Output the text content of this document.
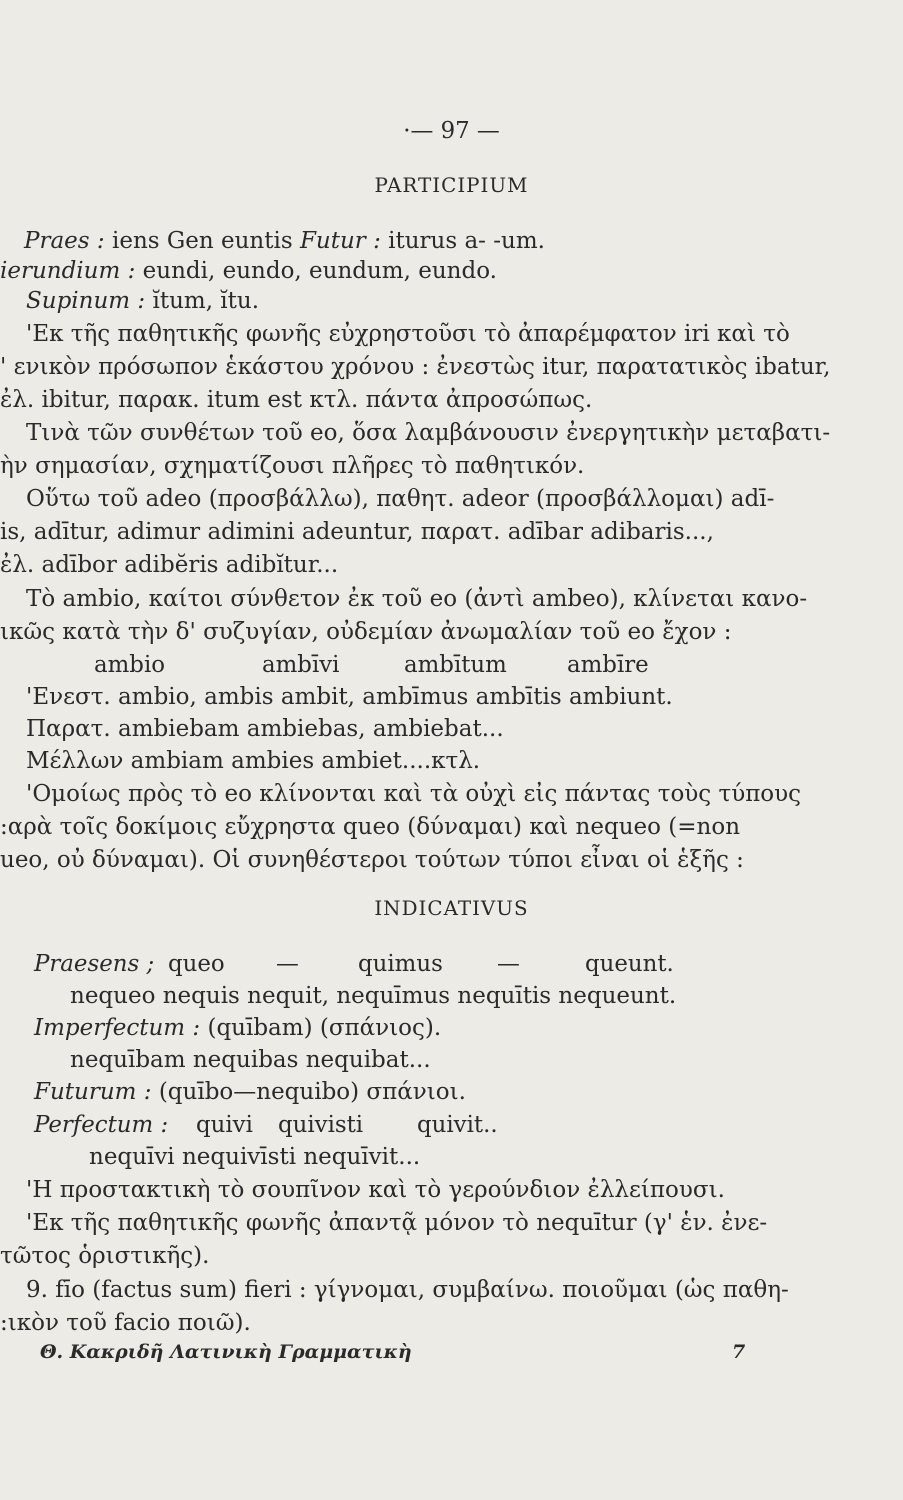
·— 97 —
PARTICIPIUM
Praes : iens Gen euntis Futur : iturus a- -um.
ierundium : eundi, eundo, eundum, eundo.
Supinum : ĭtum, ĭtu.
'Εκ τῆς παθητικῆς φωνῆς εὐχρηστοῦσι τὸ ἀπαρέμφατον iri καὶ τὸ
' ενικὸν πρόσωπον ἑκάστου χρόνου : ἐνεστὼς itur, παρατατικὸς ibatur,
ἐλ. ibitur, παρακ. itum est κτλ. πάντα ἀπροσώπως.
Τινὰ τῶν συνθέτων τοῦ eo, ὅσα λαμβάνουσιν ἐνεργητικὴν μεταβατι-
ὴν σημασίαν, σχηματίζουσι πλῆρες τὸ παθητικόν.
Οὕτω τοῦ adeo (προσβάλλω), παθητ. adeor (προσβάλλομαι) adī-
is, adītur, adimur adimini adeuntur, παρατ. adībar adibaris...,
ἐλ. adībor adibĕris adibĭtur...
Τὸ ambio, καίτοι σύνθετον ἐκ τοῦ eo (ἀντὶ ambeo), κλίνεται κανο-
ικῶς κατὰ τὴν δ' συζυγίαν, οὐδεμίαν ἀνωμαλίαν τοῦ eo ἔχον :
ambio	ambīvi	ambītum	ambīre
'Ενεστ. ambio, ambis ambit, ambīmus ambītis ambiunt.
Παρατ. ambiebam ambiebas, ambiebat...
Μέλλων ambiam ambies ambiet....κτλ.
'Ομοίως πρὸς τὸ eo κλίνονται καὶ τὰ οὐχὶ εἰς πάντας τοὺς τύπους
:αρὰ τοῖς δοκίμοις εὔχρηστα queo (δύναμαι) καὶ nequeo (=non
ueo, οὐ δύναμαι). Οἱ συνηθέστεροι τούτων τύποι εἶναι οἱ ἑξῆς :
INDICATIVUS
Praesens ; queo —	quimus —	queunt.
nequeo nequis nequit, nequīmus nequītis nequeunt.
Imperfectum : (quībam) (σπάνιος).
nequībam nequibas nequibat...
Futurum : (quībo—nequibo) σπάνιοι.
Perfectum : quivi quivisti quivit..
nequīvi nequivīsti nequīvit...
'Η προστακτικὴ τὸ σουπῖνον καὶ τὸ γερούνδιον ἐλλείπουσι.
'Εκ τῆς παθητικῆς φωνῆς ἀπαντᾷ μόνον τὸ nequītur (γ' ἑν. ἐνε-
τῶτος ὁριστικῆς).
9. fīo (factus sum) fieri : γίγνομαι, συμβαίνω. ποιοῦμαι (ὡς παθη-
:ικὸν τοῦ facio ποιῶ).
Θ. Κακριδῆ Λατινικὴ Γραμματικὴ	7
